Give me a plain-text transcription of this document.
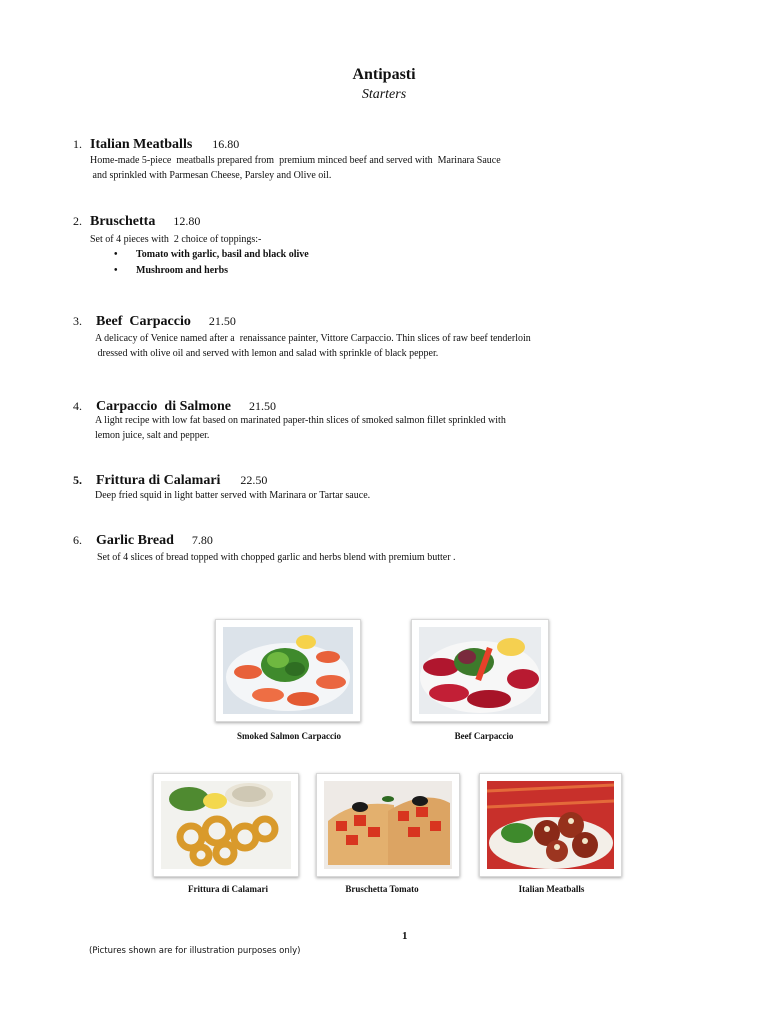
Antipasti
Starters
1. Italian Meatballs 16.80
Home-made 5-piece  meatballs prepared from  premium minced beef and served with  Marinara Sauce
and sprinkled with Parmesan Cheese, Parsley and Olive oil.
2. Bruschetta 12.80
Set of 4 pieces with  2 choice of toppings:-
• Tomato with garlic, basil and black olive
• Mushroom and herbs
3. Beef  Carpaccio 21.50
A delicacy of Venice named after a  renaissance painter, Vittore Carpaccio. Thin slices of raw beef tenderloin
dressed with olive oil and served with lemon and salad with sprinkle of black pepper.
4. Carpaccio  di Salmone 21.50
A light recipe with low fat based on marinated paper-thin slices of smoked salmon fillet sprinkled with
lemon juice, salt and pepper.
5. Frittura di Calamari 22.50
Deep fried squid in light batter served with Marinara or Tartar sauce.
6. Garlic Bread 7.80
Set of 4 slices of bread topped with chopped garlic and herbs blend with premium butter .
Smoked Salmon Carpaccio	Beef Carpaccio
Frittura di Calamari	Bruschetta Tomato	Italian Meatballs
1
(Pictures shown are for illustration purposes only)
